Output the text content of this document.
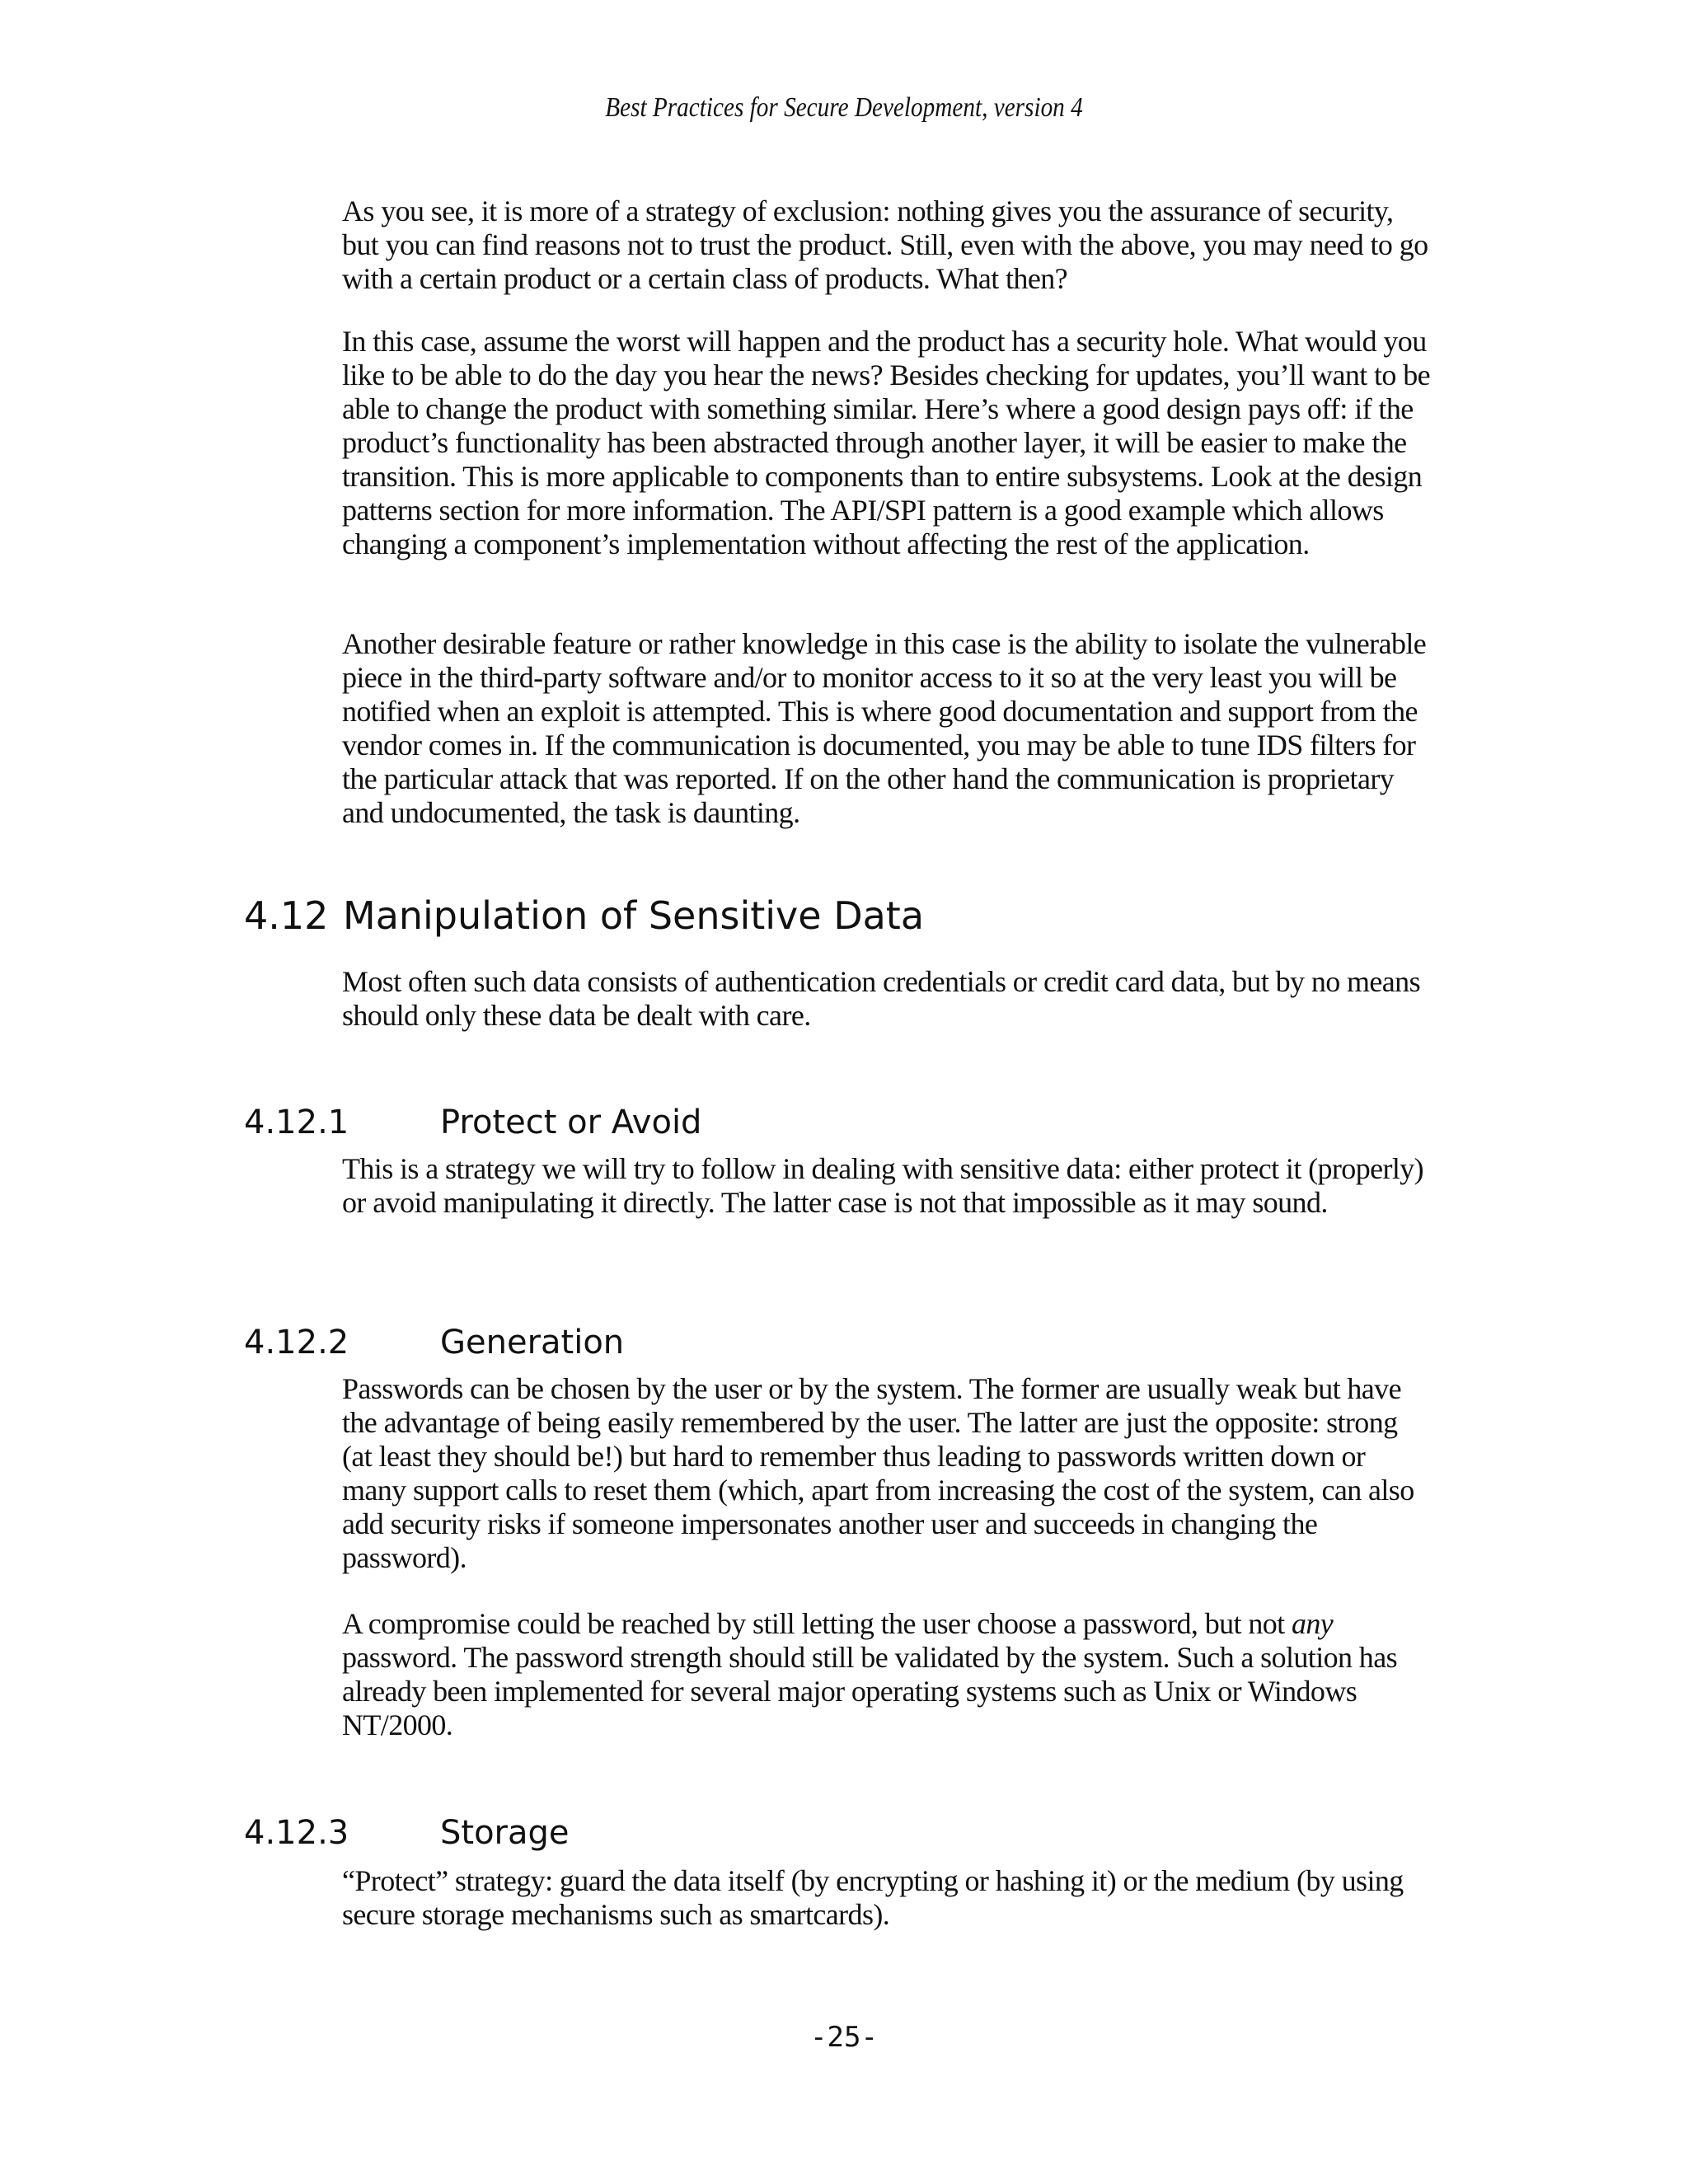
Best Practices for Secure Development, version 4

As you see, it is more of a strategy of exclusion: nothing gives you the assurance of security, but you can find reasons not to trust the product. Still, even with the above, you may need to go with a certain product or a certain class of products. What then?

In this case, assume the worst will happen and the product has a security hole. What would you like to be able to do the day you hear the news? Besides checking for updates, you’ll want to be able to change the product with something similar. Here’s where a good design pays off: if the product’s functionality has been abstracted through another layer, it will be easier to make the transition. This is more applicable to components than to entire subsystems. Look at the design patterns section for more information. The API/SPI pattern is a good example which allows changing a component’s implementation without affecting the rest of the application.

Another desirable feature or rather knowledge in this case is the ability to isolate the vulnerable piece in the third-party software and/or to monitor access to it so at the very least you will be notified when an exploit is attempted. This is where good documentation and support from the vendor comes in. If the communication is documented, you may be able to tune IDS filters for the particular attack that was reported. If on the other hand the communication is proprietary and undocumented, the task is daunting.

4.12 Manipulation of Sensitive Data

Most often such data consists of authentication credentials or credit card data, but by no means should only these data be dealt with care.

4.12.1	Protect or Avoid

This is a strategy we will try to follow in dealing with sensitive data: either protect it (properly) or avoid manipulating it directly. The latter case is not that impossible as it may sound.

4.12.2	Generation

Passwords can be chosen by the user or by the system. The former are usually weak but have the advantage of being easily remembered by the user. The latter are just the opposite: strong (at least they should be!) but hard to remember thus leading to passwords written down or many support calls to reset them (which, apart from increasing the cost of the system, can also add security risks if someone impersonates another user and succeeds in changing the password).

A compromise could be reached by still letting the user choose a password, but not any password. The password strength should still be validated by the system. Such a solution has already been implemented for several major operating systems such as Unix or Windows NT/2000.

4.12.3	Storage

“Protect” strategy: guard the data itself (by encrypting or hashing it) or the medium (by using secure storage mechanisms such as smartcards).

-25-
